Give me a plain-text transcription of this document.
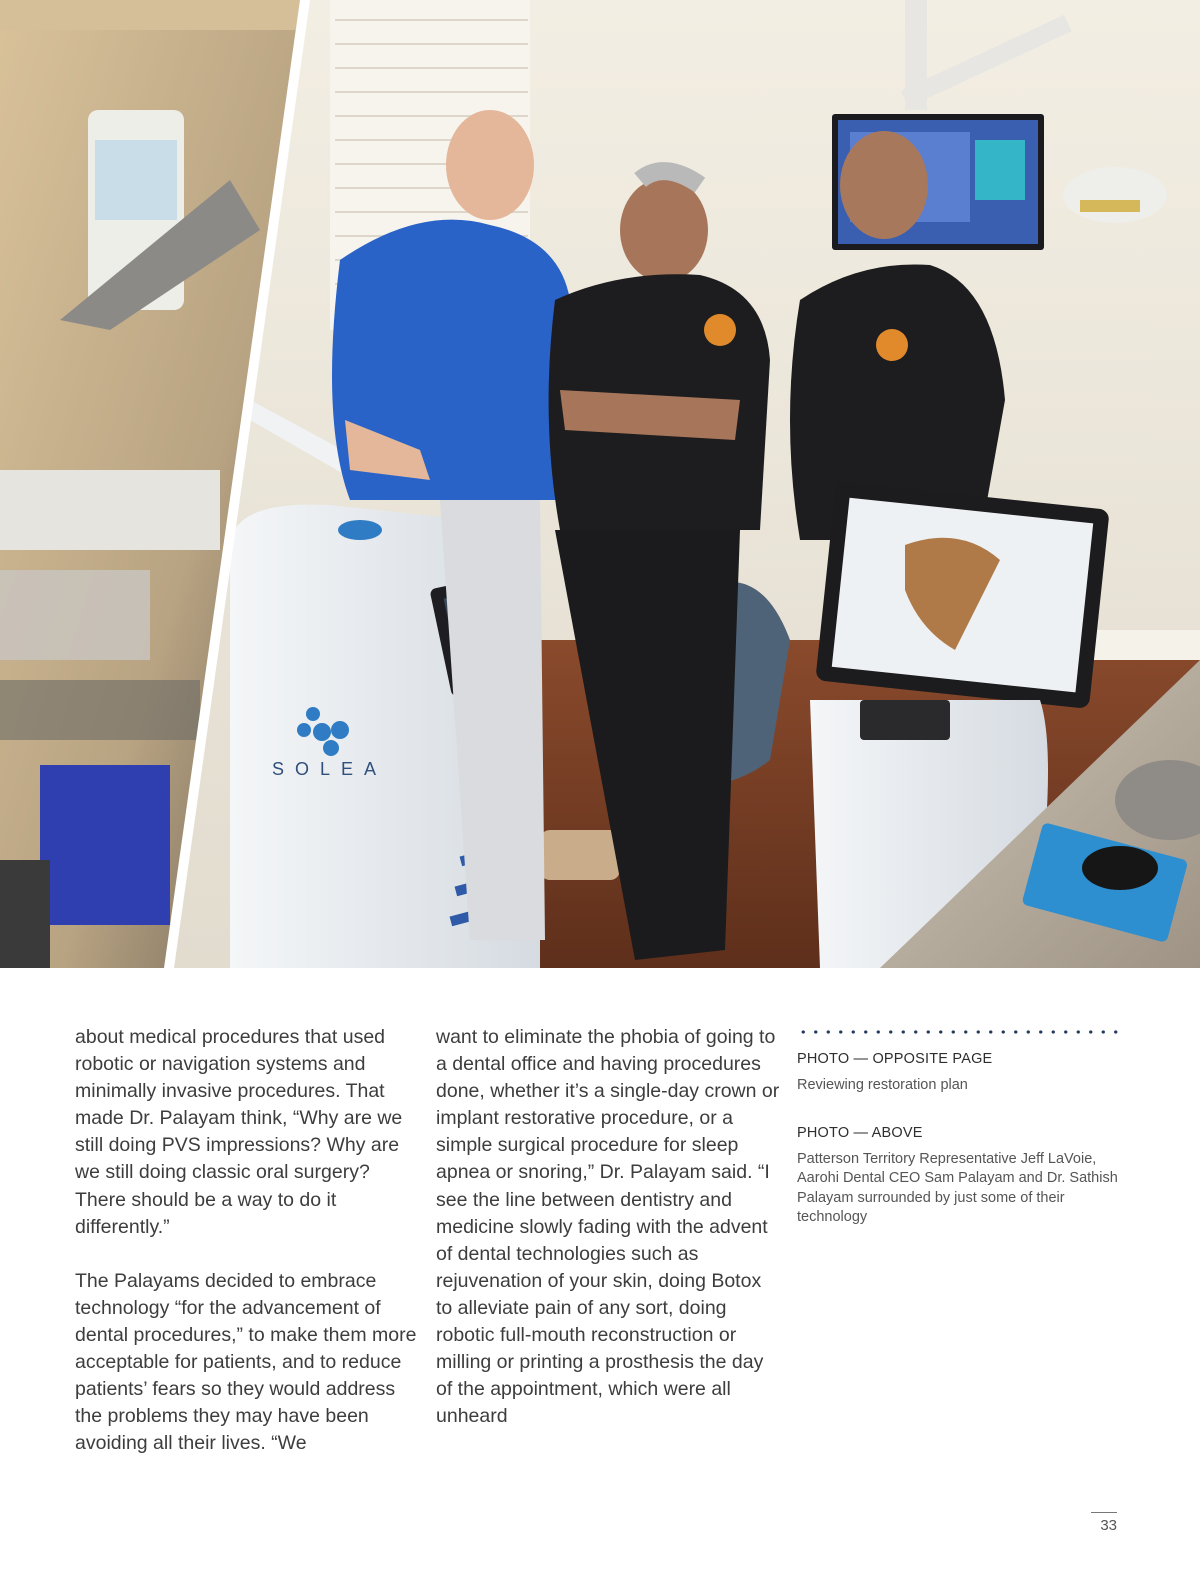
SOLEA

about medical procedures that used robotic or navigation systems and minimally invasive procedures. That made Dr. Palayam think, “Why are we still doing PVS impressions? Why are we still doing classic oral surgery? There should be a way to do it differently.”

The Palayams decided to embrace technology “for the advancement of dental procedures,” to make them more acceptable for patients, and to reduce patients’ fears so they would address the problems they may have been avoiding all their lives. “We

want to eliminate the phobia of going to a dental office and having procedures done, whether it’s a single-day crown or implant restorative procedure, or a simple surgical procedure for sleep apnea or snoring,” Dr. Palayam said. “I see the line between dentistry and medicine slowly fading with the advent of dental technologies such as rejuvenation of your skin, doing Botox to alleviate pain of any sort, doing robotic full-mouth reconstruction or milling or printing a prosthesis the day of the appointment, which were all unheard

PHOTO — OPPOSITE PAGE
Reviewing restoration plan
PHOTO — ABOVE
Patterson Territory Representative Jeff LaVoie, Aarohi Dental CEO Sam Palayam and Dr. Sathish Palayam surrounded by just some of their technology
33
